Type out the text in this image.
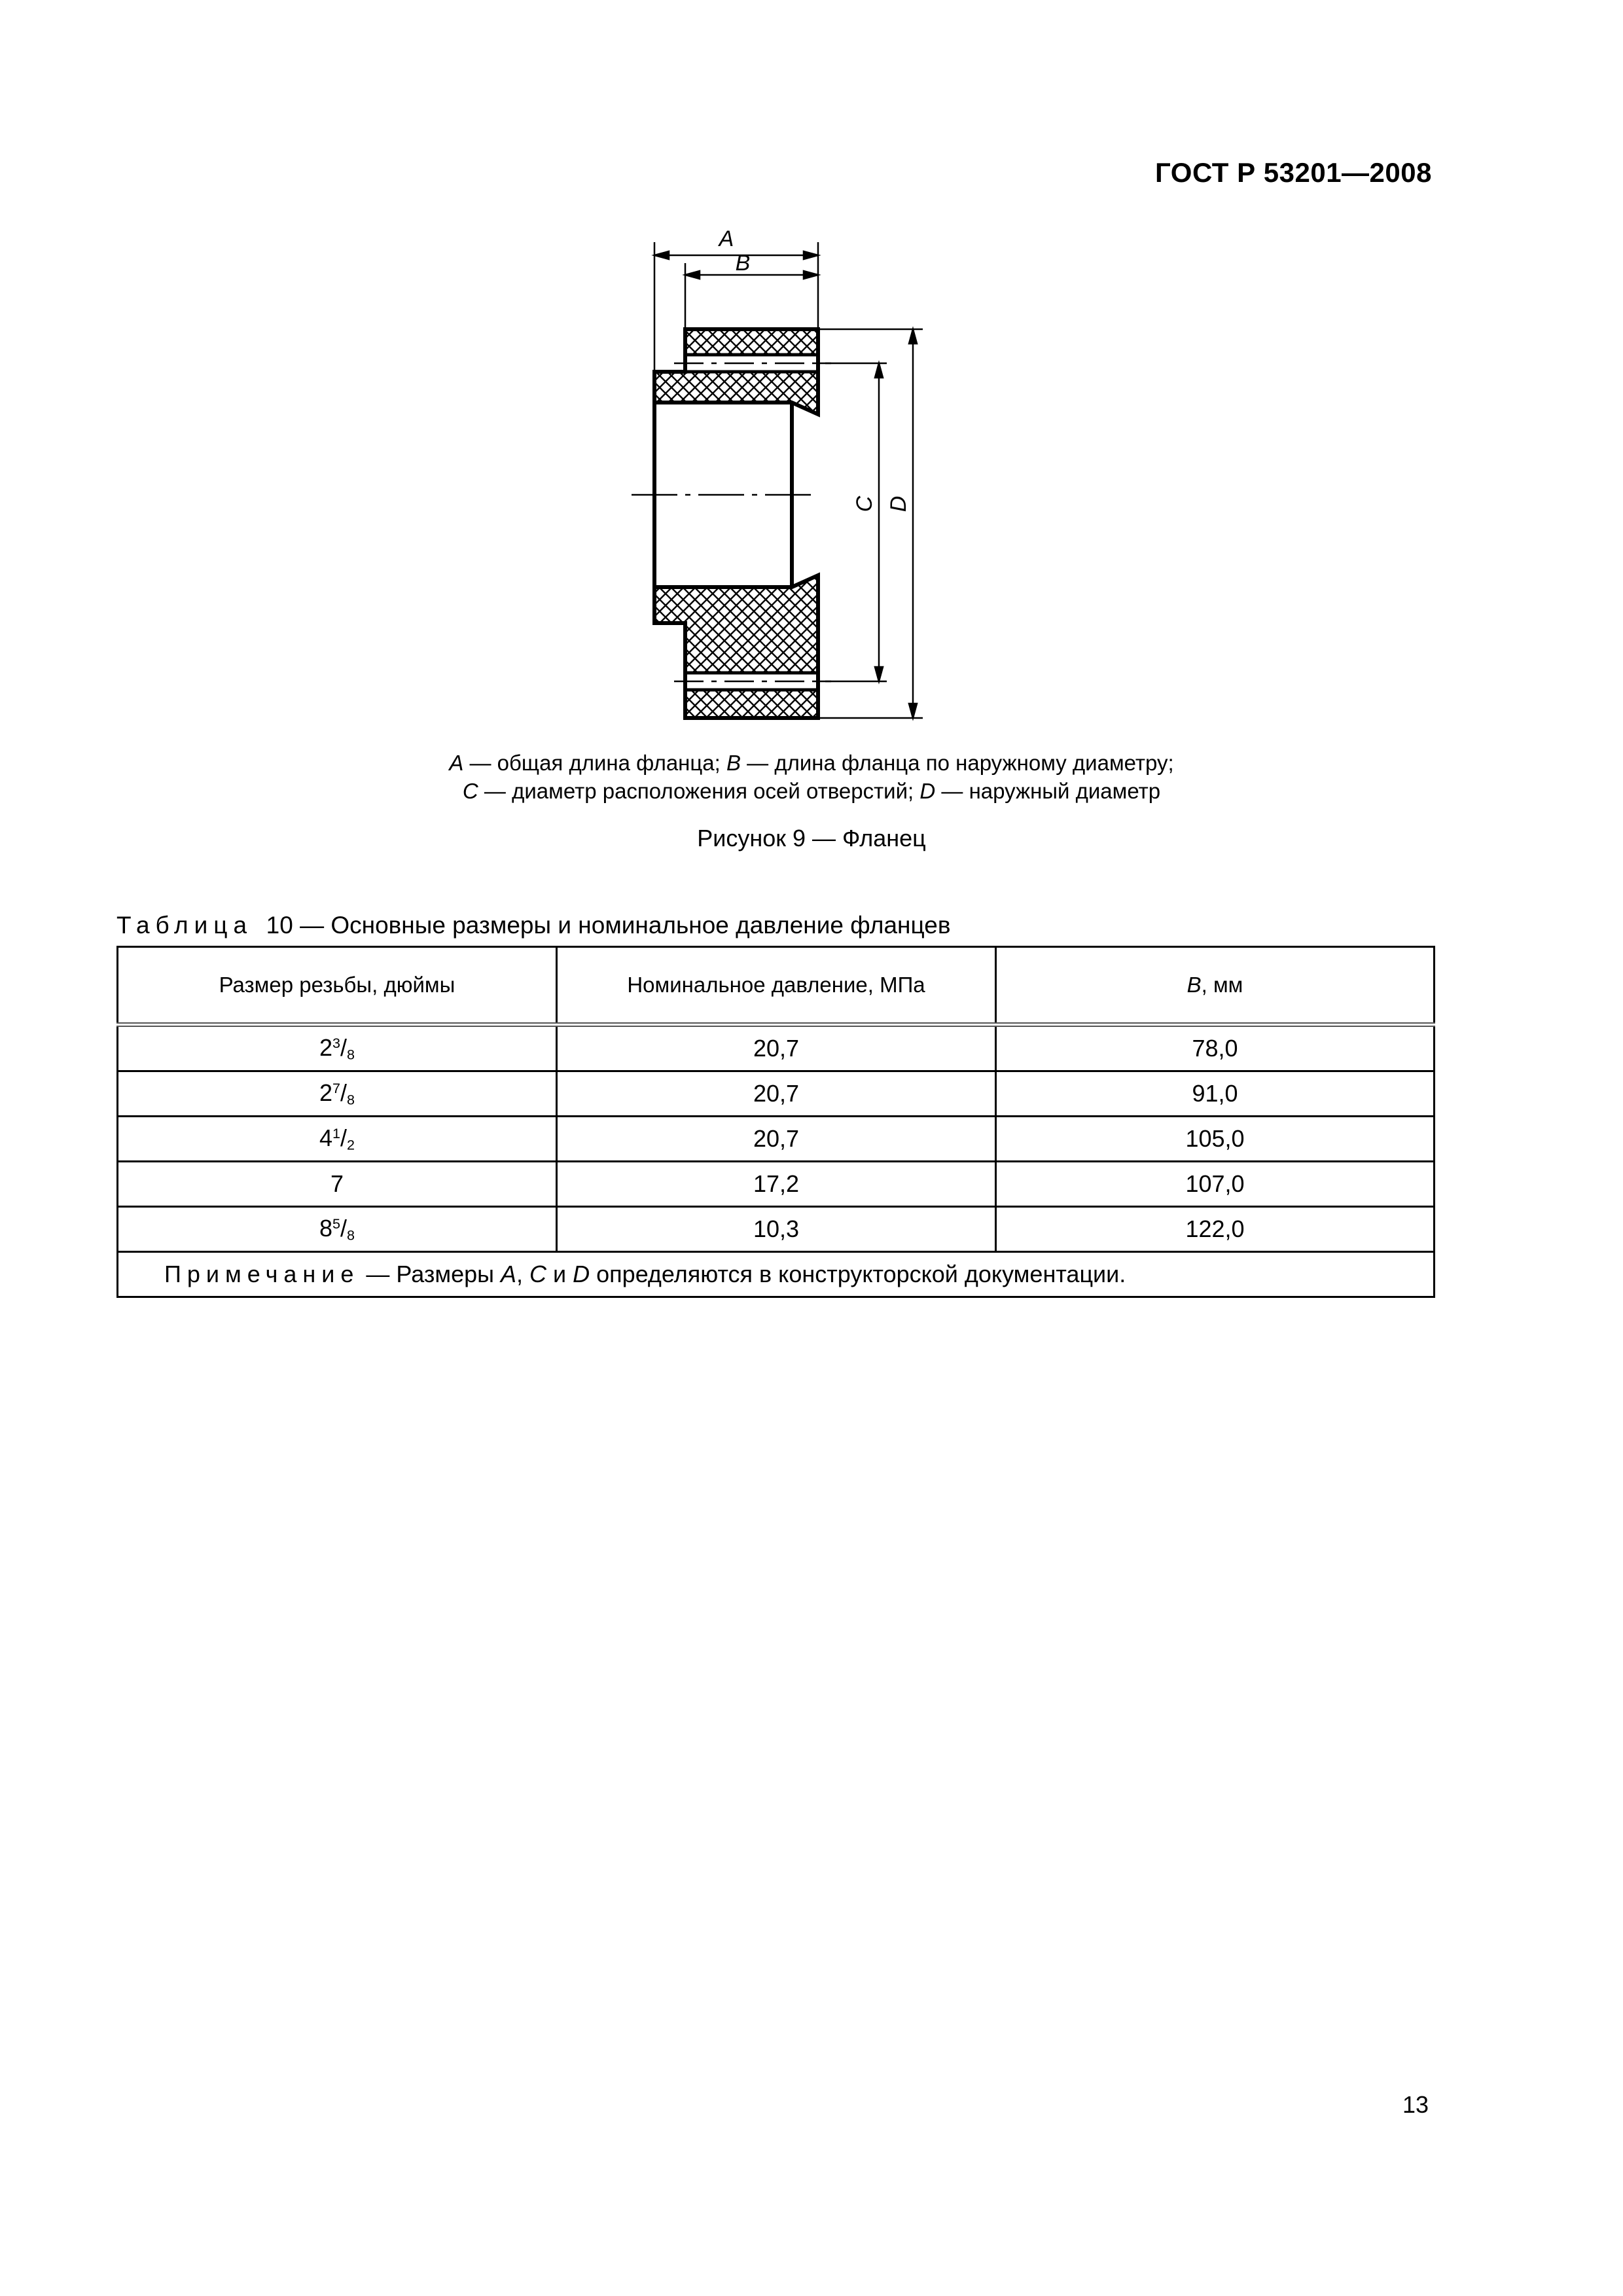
ГОСТ Р 53201—2008
A
B
C D
A — общая длина фланца; B — длина фланца по наружному диаметру;
C — диаметр расположения осей отверстий; D — наружный диаметр
Рисунок 9 — Фланец
Таблица 10 — Основные размеры и номинальное давление фланцев
Размер резьбы, дюймы	Номинальное давление, МПа	B, мм
$2^3/_8$	20,7	78,0
$2^7/_8$	20,7	91,0
$4^1/_2$	20,7	105,0
7	17,2	107,0
$8^5/_8$	10,3	122,0
Примечание — Размеры A, C и D определяются в конструкторской документации.		
13
